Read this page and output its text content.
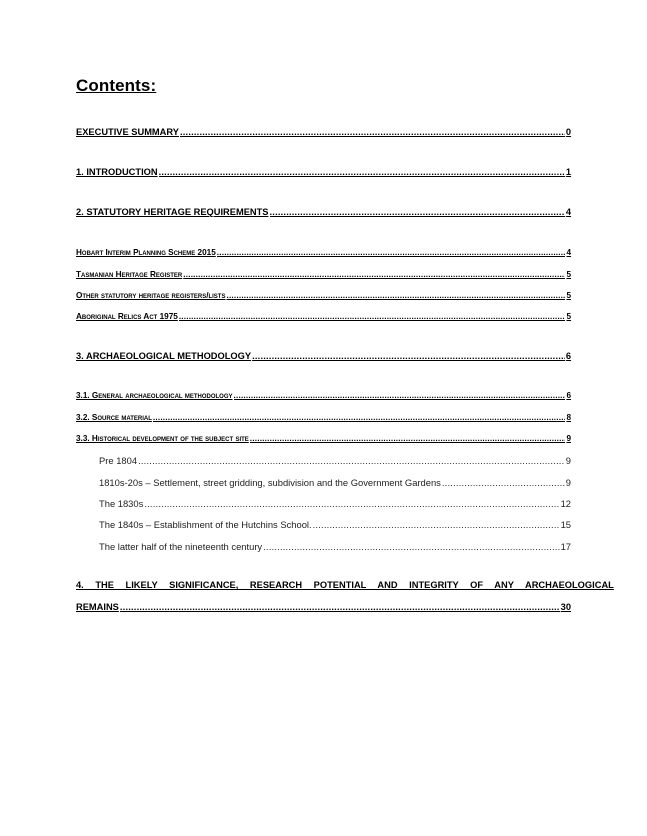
Contents:
EXECUTIVE SUMMARY .....	0
1. INTRODUCTION .....	1
2. STATUTORY HERITAGE REQUIREMENTS .....	4
Hobart Interim Planning Scheme 2015 .....	4
Tasmanian Heritage Register .....	5
Other statutory heritage registers/lists .....	5
Aboriginal Relics Act 1975 .....	5
3. ARCHAEOLOGICAL METHODOLOGY .....	6
3.1. General archaeological methodology .....	6
3.2. Source material .....	8
3.3. Historical development of the subject site .....	9
Pre 1804 .....	9
1810s-20s – Settlement, street gridding, subdivision and the Government Gardens .....	9
The 1830s .....	12
The 1840s – Establishment of the Hutchins School. .....	15
The latter half of the nineteenth century .....	17
4. THE LIKELY SIGNIFICANCE, RESEARCH POTENTIAL AND INTEGRITY OF ANY ARCHAEOLOGICAL
REMAINS .....	30
